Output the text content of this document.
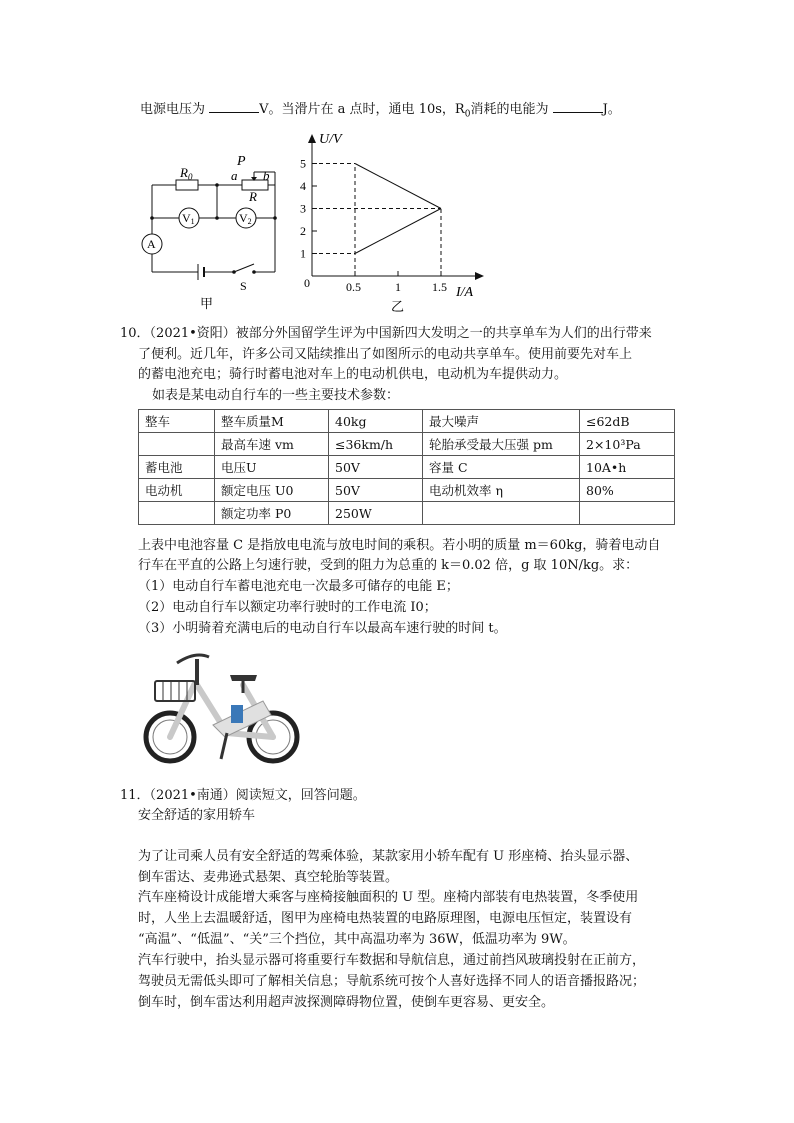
电源电压为	V。当滑片在 a 点时，通电 10s，$R_0$消耗的电能为	J。
$R_0$
P
a b
R
V1	V2
A
S
甲
U/V
I/A
0
1
2
3
4
5
0.5	1	1.5
乙
10．（2021•资阳）被部分外国留学生评为中国新四大发明之一的共享单车为人们的出行带来
了便利。近几年，许多公司又陆续推出了如图所示的电动共享单车。使用前要先对车上
的蓄电池充电；骑行时蓄电池对车上的电动机供电，电动机为车提供动力。
如表是某电动自行车的一些主要技术参数：
整车	整车质量M	40kg	最大噪声	≤62dB
	最高车速 vm	≤36km/h	轮胎承受最大压强 pm	2×10³Pa
蓄电池	电压U	50V	容量 C	10A•h
电动机	额定电压 U0	50V	电动机效率 η	80%
	额定功率 P0	250W		
上表中电池容量 C 是指放电电流与放电时间的乘积。若小明的质量 m＝60kg，骑着电动自
行车在平直的公路上匀速行驶，受到的阻力为总重的 k＝0.02 倍，g 取 10N/kg。求：
（1）电动自行车蓄电池充电一次最多可储存的电能 E；
（2）电动自行车以额定功率行驶时的工作电流 I0；
（3）小明骑着充满电后的电动自行车以最高车速行驶的时间 t。
11．（2021•南通）阅读短文，回答问题。
安全舒适的家用轿车
为了让司乘人员有安全舒适的驾乘体验，某款家用小轿车配有 U 形座椅、抬头显示器、
倒车雷达、麦弗逊式悬架、真空轮胎等装置。
汽车座椅设计成能增大乘客与座椅接触面积的 U 型。座椅内部装有电热装置，冬季使用
时，人坐上去温暖舒适，图甲为座椅电热装置的电路原理图，电源电压恒定，装置设有
“高温”、“低温”、“关”三个挡位，其中高温功率为 36W，低温功率为 9W。
汽车行驶中，抬头显示器可将重要行车数据和导航信息，通过前挡风玻璃投射在正前方，
驾驶员无需低头即可了解相关信息；导航系统可按个人喜好选择不同人的语音播报路况；
倒车时，倒车雷达利用超声波探测障碍物位置，使倒车更容易、更安全。
